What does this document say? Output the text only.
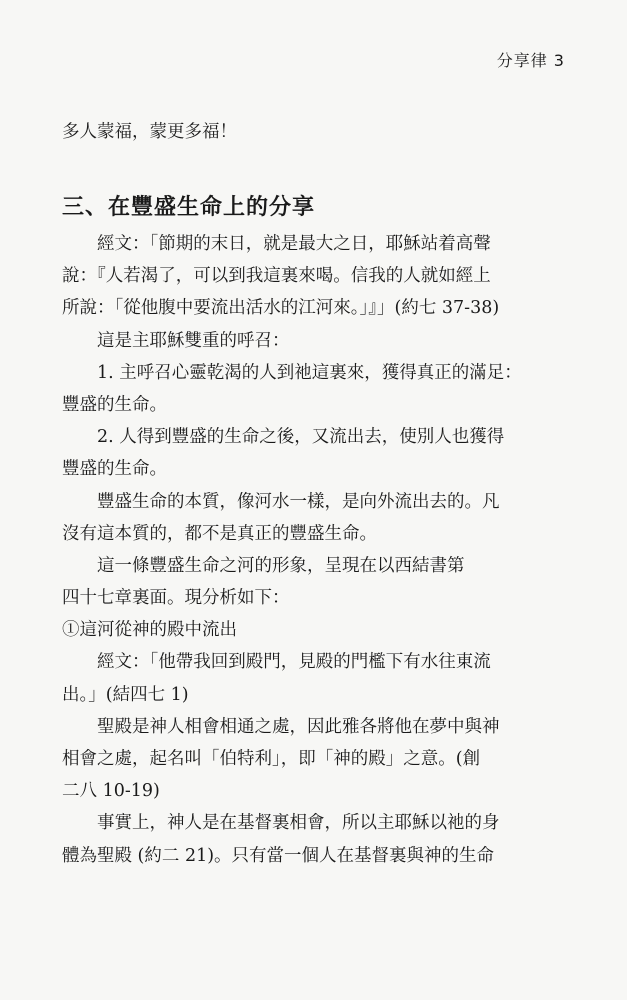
分享律 3
多人蒙福，蒙更多福！
三、在豐盛生命上的分享
經文：「節期的末日，就是最大之日，耶穌站着高聲
說：『人若渴了，可以到我這裏來喝。信我的人就如經上
所說：「從他腹中要流出活水的江河來。」』」(約七 37-38)
這是主耶穌雙重的呼召：
1. 主呼召心靈乾渴的人到祂這裏來，獲得真正的滿足：
豐盛的生命。
2. 人得到豐盛的生命之後，又流出去，使別人也獲得
豐盛的生命。
豐盛生命的本質，像河水一樣，是向外流出去的。凡
沒有這本質的，都不是真正的豐盛生命。
這一條豐盛生命之河的形象，呈現在以西結書第
四十七章裏面。現分析如下：
①這河從神的殿中流出
經文：「他帶我回到殿門，見殿的門檻下有水往東流
出。」(結四七 1)
聖殿是神人相會相通之處，因此雅各將他在夢中與神
相會之處，起名叫「伯特利」，即「神的殿」之意。(創
二八 10-19)
事實上，神人是在基督裏相會，所以主耶穌以祂的身
體為聖殿 (約二 21)。只有當一個人在基督裏與神的生命
